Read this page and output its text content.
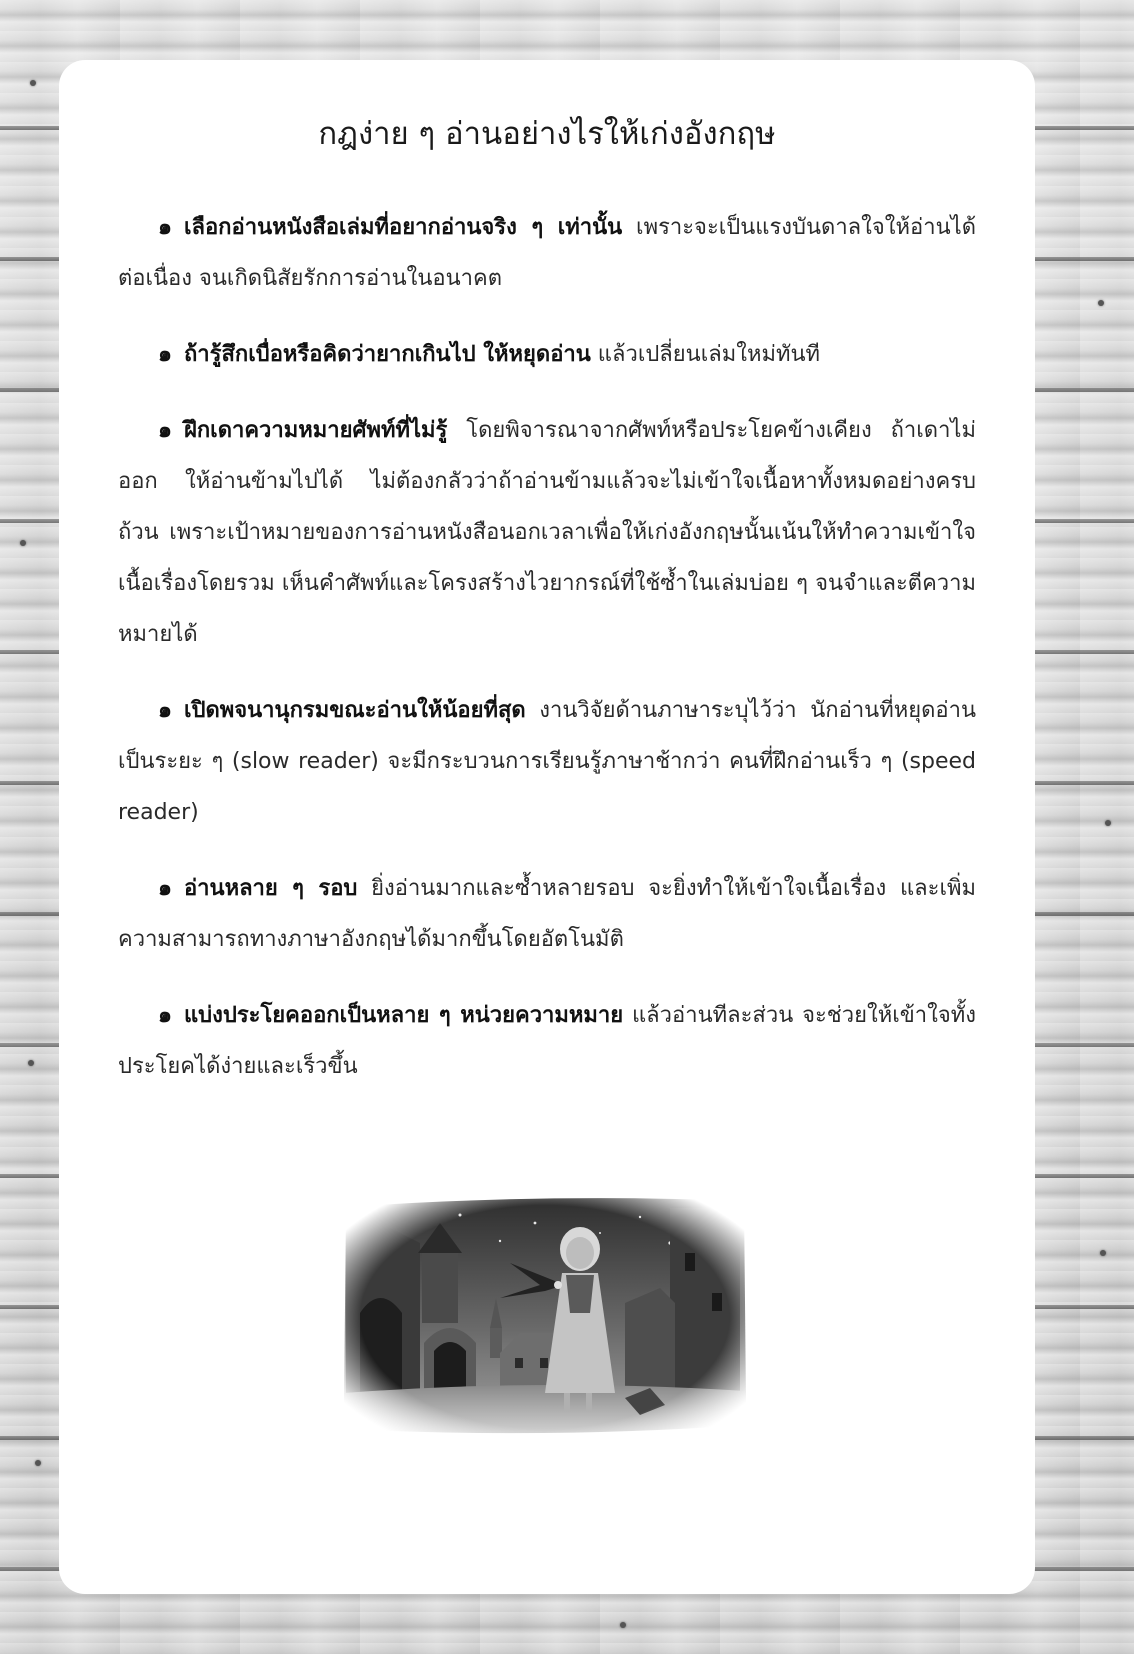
กฎง่าย ๆ อ่านอย่างไรให้เก่งอังกฤษ

๑ เลือกอ่านหนังสือเล่มที่อยากอ่านจริง ๆ เท่านั้น เพราะจะเป็นแรงบันดาลใจให้อ่านได้ต่อเนื่อง จนเกิดนิสัยรักการอ่านในอนาคต

๑ ถ้ารู้สึกเบื่อหรือคิดว่ายากเกินไป ให้หยุดอ่าน แล้วเปลี่ยนเล่มใหม่ทันที

๑ ฝึกเดาความหมายศัพท์ที่ไม่รู้ โดยพิจารณาจากศัพท์หรือประโยคข้างเคียง ถ้าเดาไม่ออก ให้อ่านข้ามไปได้ ไม่ต้องกลัวว่าถ้าอ่านข้ามแล้วจะไม่เข้าใจเนื้อหาทั้งหมดอย่างครบถ้วน เพราะเป้าหมายของการอ่านหนังสือนอกเวลาเพื่อให้เก่งอังกฤษนั้นเน้นให้ทำความเข้าใจเนื้อเรื่องโดยรวม เห็นคำศัพท์และโครงสร้างไวยากรณ์ที่ใช้ซ้ำในเล่มบ่อย ๆ จนจำและตีความหมายได้

๑ เปิดพจนานุกรมขณะอ่านให้น้อยที่สุด งานวิจัยด้านภาษาระบุไว้ว่า นักอ่านที่หยุดอ่านเป็นระยะ ๆ (slow reader) จะมีกระบวนการเรียนรู้ภาษาช้ากว่า คนที่ฝึกอ่านเร็ว ๆ (speed reader)

๑ อ่านหลาย ๆ รอบ ยิ่งอ่านมากและซ้ำหลายรอบ จะยิ่งทำให้เข้าใจเนื้อเรื่อง และเพิ่มความสามารถทางภาษาอังกฤษได้มากขึ้นโดยอัตโนมัติ

๑ แบ่งประโยคออกเป็นหลาย ๆ หน่วยความหมาย แล้วอ่านทีละส่วน จะช่วยให้เข้าใจทั้งประโยคได้ง่ายและเร็วขึ้น
